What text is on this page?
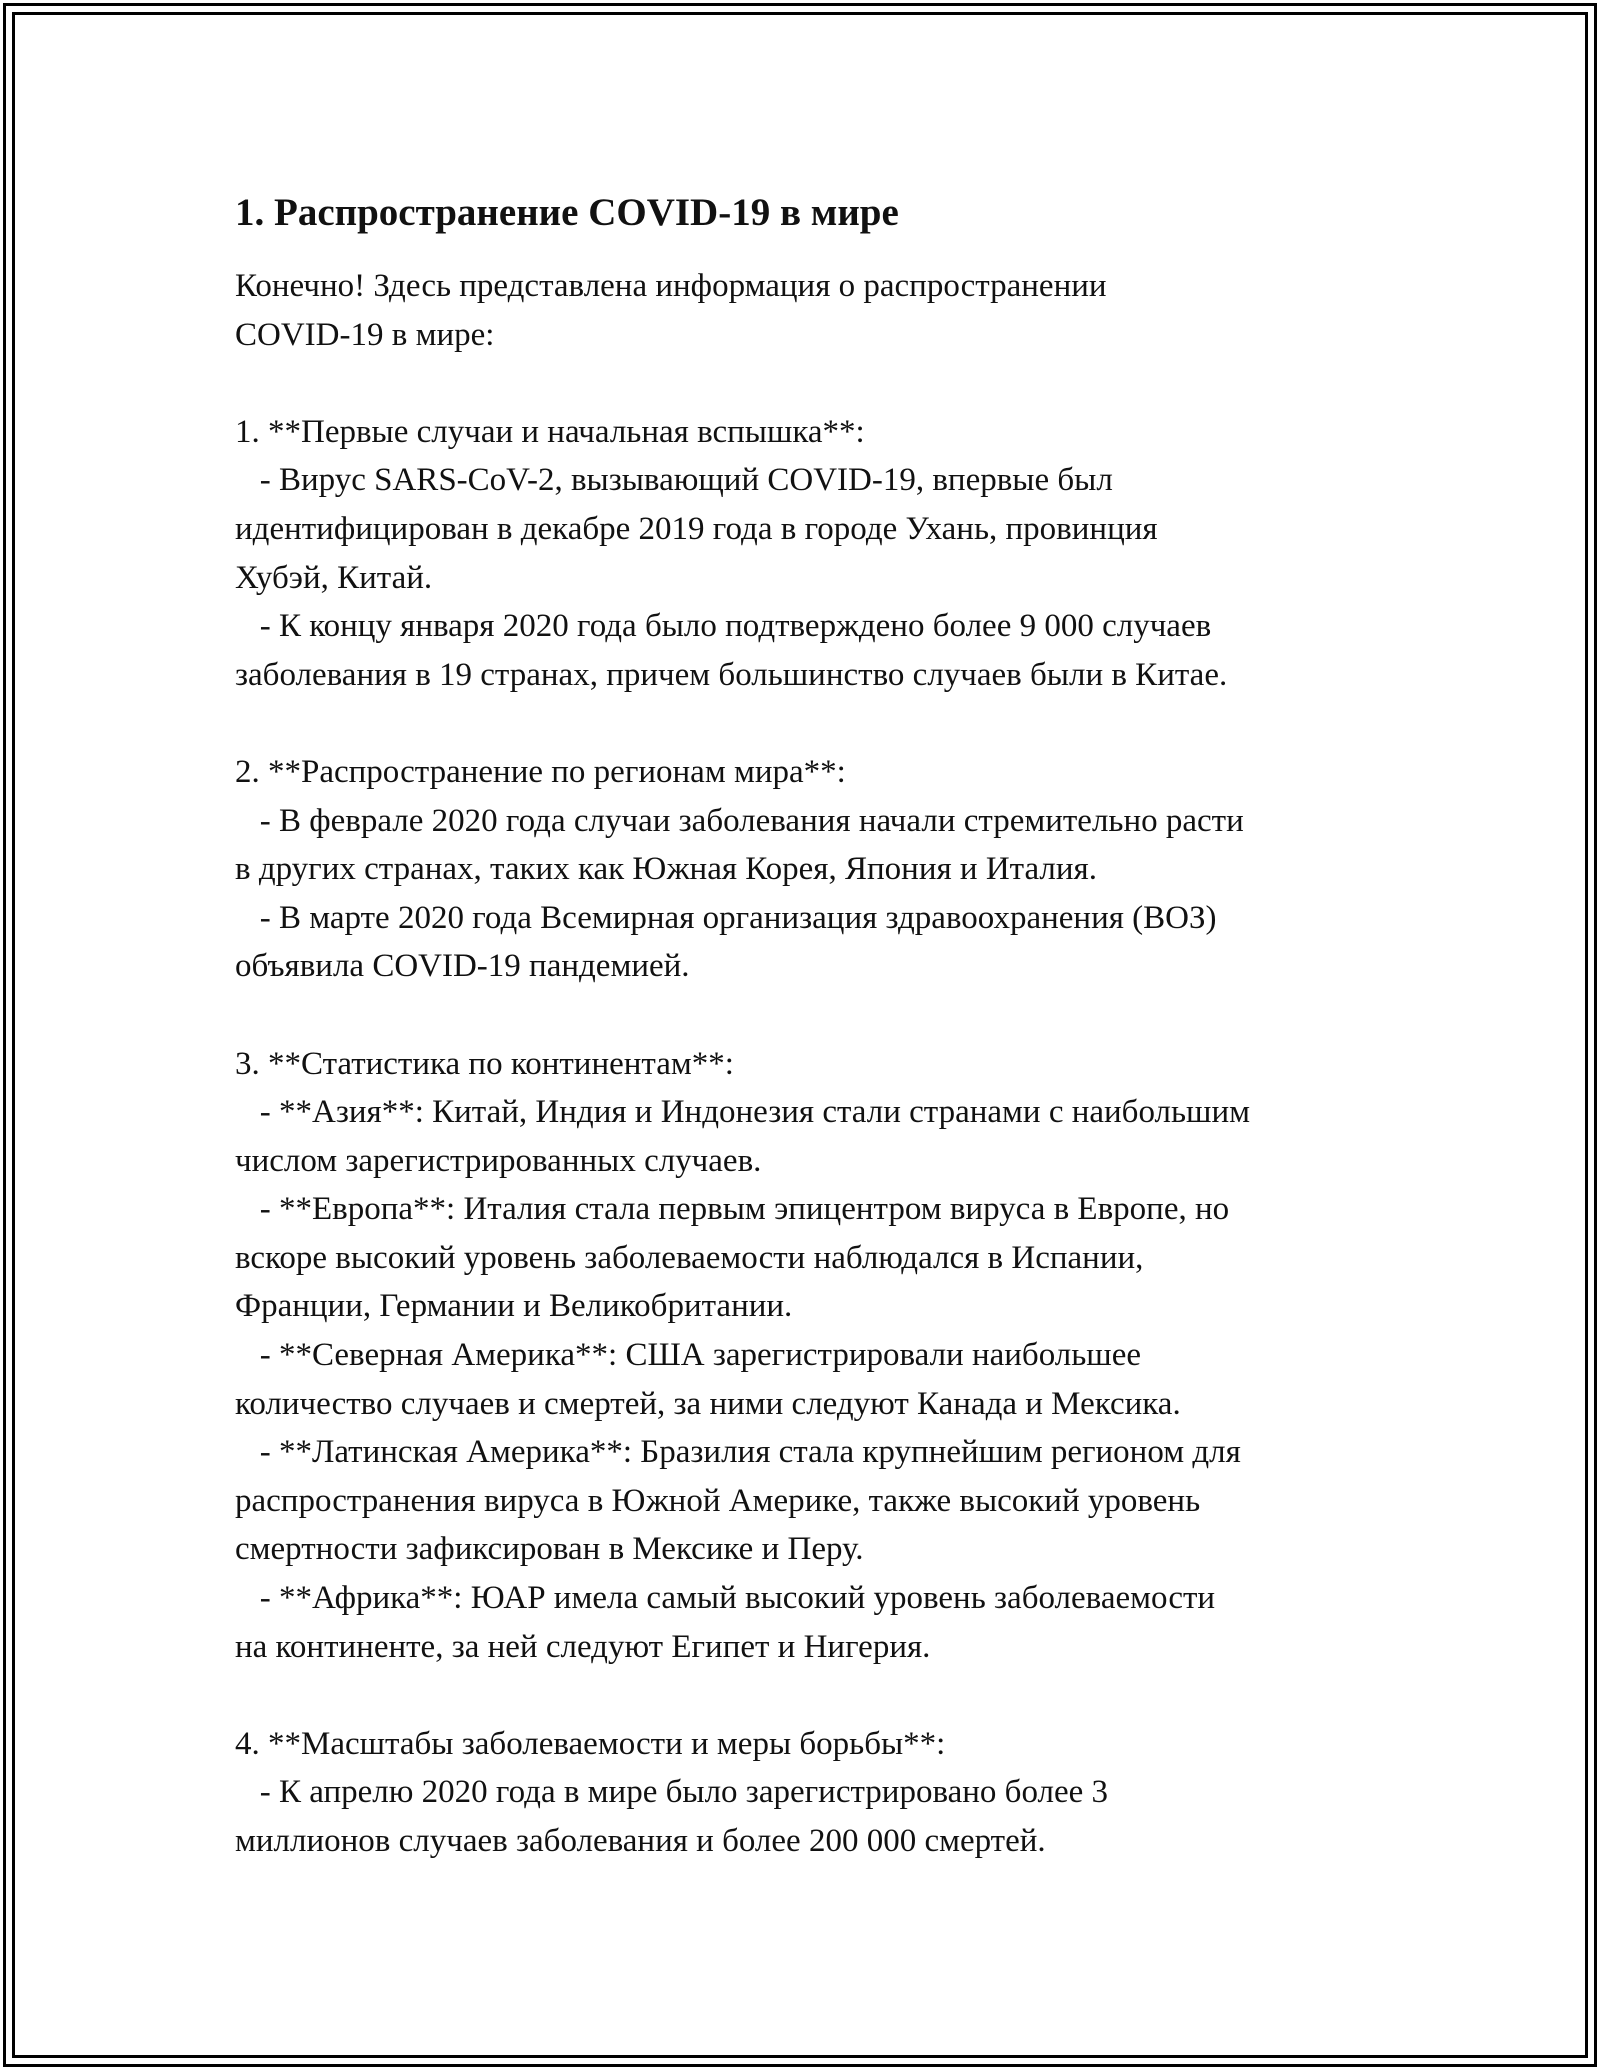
1. Распространение COVID-19 в мире
Конечно! Здесь представлена информация о распространении
COVID-19 в мире:
1. **Первые случаи и начальная вспышка**:
- Вирус SARS-CoV-2, вызывающий COVID-19, впервые был
идентифицирован в декабре 2019 года в городе Ухань, провинция
Хубэй, Китай.
- К концу января 2020 года было подтверждено более 9 000 случаев
заболевания в 19 странах, причем большинство случаев были в Китае.
2. **Распространение по регионам мира**:
- В феврале 2020 года случаи заболевания начали стремительно расти
в других странах, таких как Южная Корея, Япония и Италия.
- В марте 2020 года Всемирная организация здравоохранения (ВОЗ)
объявила COVID-19 пандемией.
3. **Статистика по континентам**:
- **Азия**: Китай, Индия и Индонезия стали странами с наибольшим
числом зарегистрированных случаев.
- **Европа**: Италия стала первым эпицентром вируса в Европе, но
вскоре высокий уровень заболеваемости наблюдался в Испании,
Франции, Германии и Великобритании.
- **Северная Америка**: США зарегистрировали наибольшее
количество случаев и смертей, за ними следуют Канада и Мексика.
- **Латинская Америка**: Бразилия стала крупнейшим регионом для
распространения вируса в Южной Америке, также высокий уровень
смертности зафиксирован в Мексике и Перу.
- **Африка**: ЮАР имела самый высокий уровень заболеваемости
на континенте, за ней следуют Египет и Нигерия.
4. **Масштабы заболеваемости и меры борьбы**:
- К апрелю 2020 года в мире было зарегистрировано более 3
миллионов случаев заболевания и более 200 000 смертей.
